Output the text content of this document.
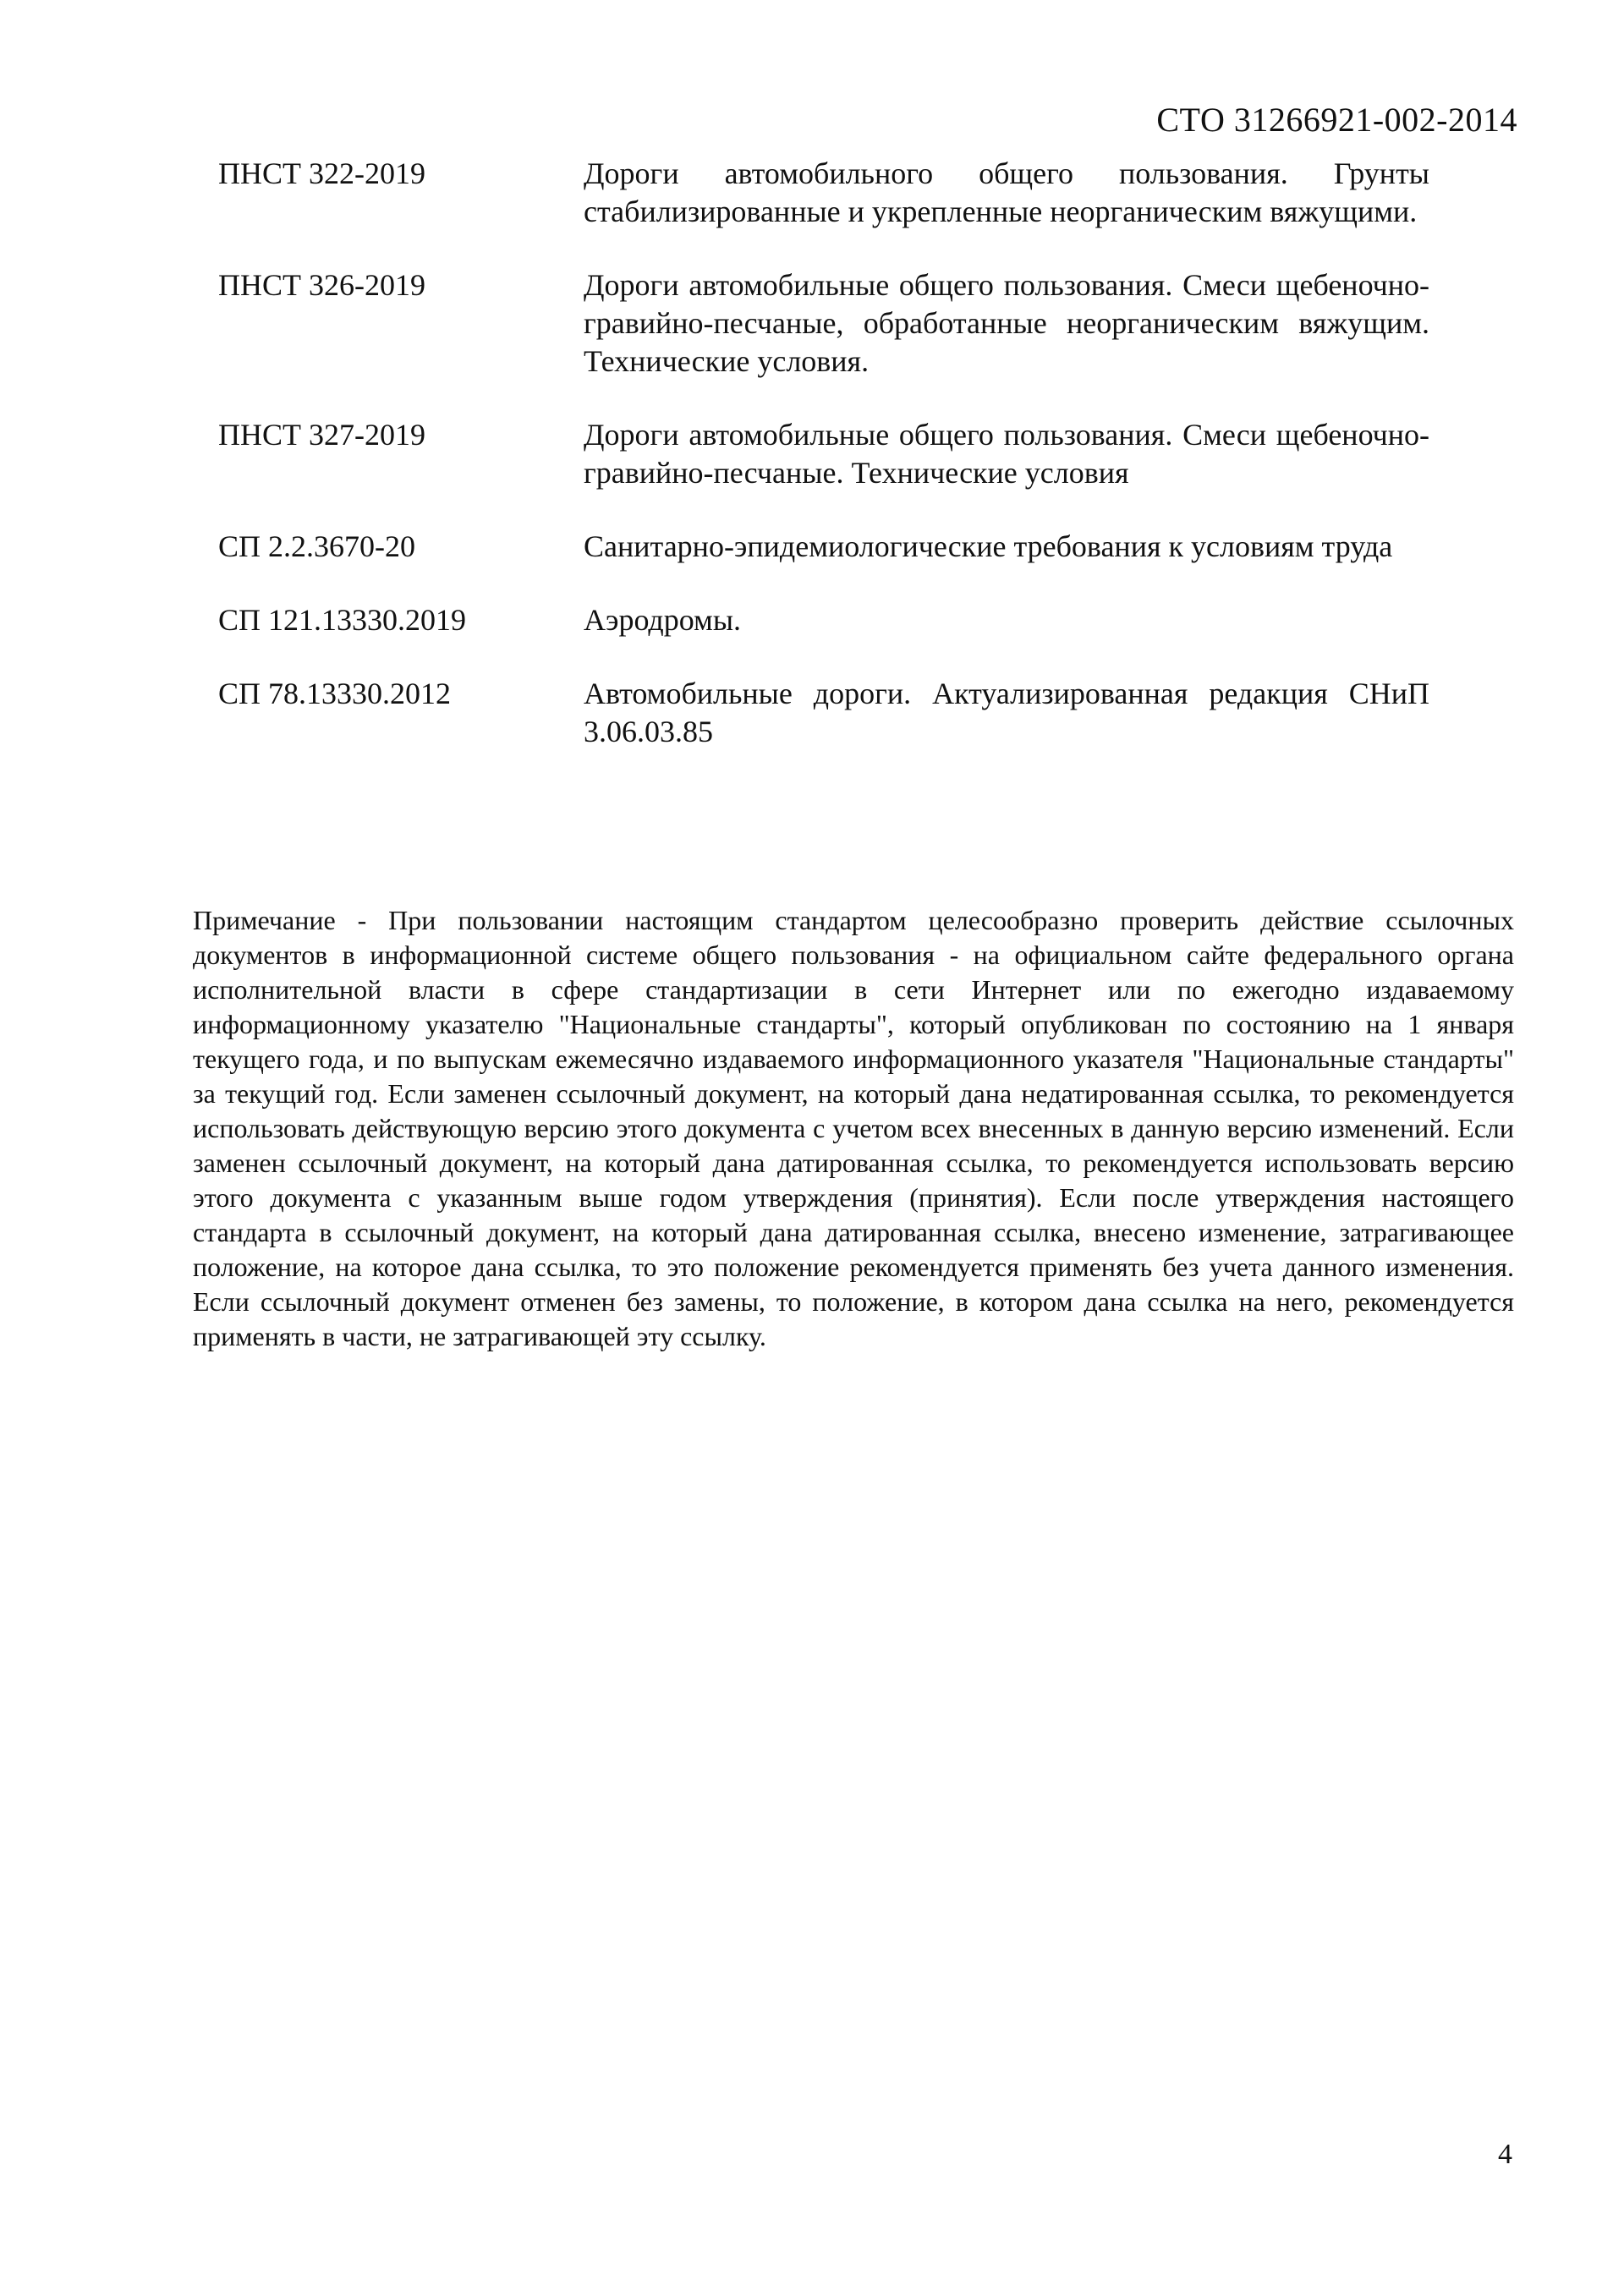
СТО 31266921-002-2014
ПНСТ 322-2019	Дороги автомобильного общего пользования. Грунты стабилизированные и укрепленные неорганическим вяжущими.
ПНСТ 326-2019	Дороги автомобильные общего пользования. Смеси щебеночно-гравийно-песчаные, обработанные неорганическим вяжущим. Технические условия.
ПНСТ 327-2019	Дороги автомобильные общего пользования. Смеси щебеночно-гравийно-песчаные. Технические условия
СП 2.2.3670-20	Санитарно-эпидемиологические требования к условиям труда
СП 121.13330.2019	Аэродромы.
СП 78.13330.2012	Автомобильные дороги. Актуализированная редакция СНиП 3.06.03.85
Примечание - При пользовании настоящим стандартом целесообразно проверить действие ссылочных документов в информационной системе общего пользования - на официальном сайте федерального органа исполнительной власти в сфере стандартизации в сети Интернет или по ежегодно издаваемому информационному указателю "Национальные стандарты", который опубликован по состоянию на 1 января текущего года, и по выпускам ежемесячно издаваемого информационного указателя "Национальные стандарты" за текущий год. Если заменен ссылочный документ, на который дана недатированная ссылка, то рекомендуется использовать действующую версию этого документа с учетом всех внесенных в данную версию изменений. Если заменен ссылочный документ, на который дана датированная ссылка, то рекомендуется использовать версию этого документа с указанным выше годом утверждения (принятия). Если после утверждения настоящего стандарта в ссылочный документ, на который дана датированная ссылка, внесено изменение, затрагивающее положение, на которое дана ссылка, то это положение рекомендуется применять без учета данного изменения. Если ссылочный документ отменен без замены, то положение, в котором дана ссылка на него, рекомендуется применять в части, не затрагивающей эту ссылку.
4
